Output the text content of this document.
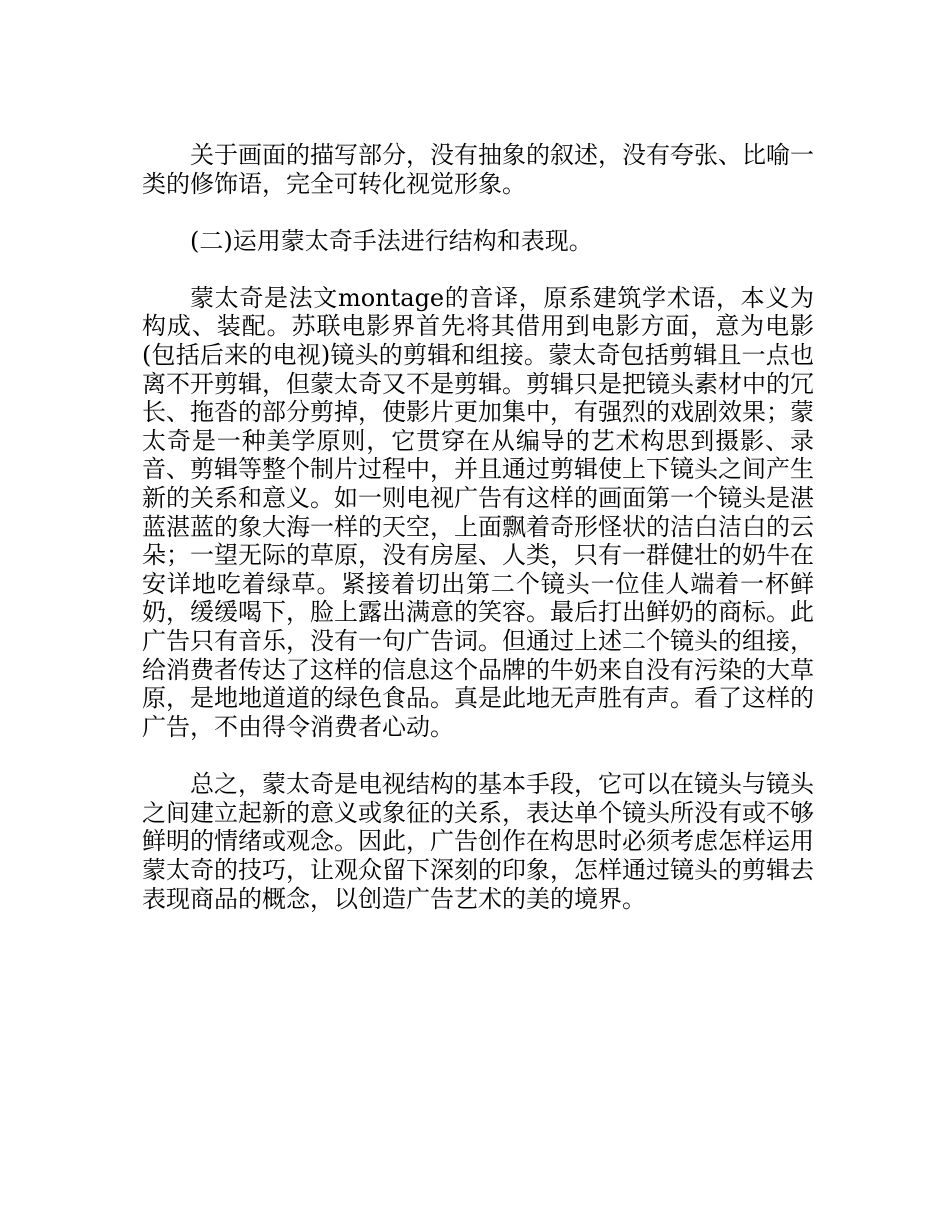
关于画面的描写部分，没有抽象的叙述，没有夸张、比喻一类的修饰语，完全可转化视觉形象。

(二)运用蒙太奇手法进行结构和表现。

蒙太奇是法文montage的音译，原系建筑学术语，本义为构成、装配。苏联电影界首先将其借用到电影方面，意为电影(包括后来的电视)镜头的剪辑和组接。蒙太奇包括剪辑且一点也离不开剪辑，但蒙太奇又不是剪辑。剪辑只是把镜头素材中的冗长、拖沓的部分剪掉，使影片更加集中，有强烈的戏剧效果；蒙太奇是一种美学原则，它贯穿在从编导的艺术构思到摄影、录音、剪辑等整个制片过程中，并且通过剪辑使上下镜头之间产生新的关系和意义。如一则电视广告有这样的画面第一个镜头是湛蓝湛蓝的象大海一样的天空，上面飘着奇形怪状的洁白洁白的云朵；一望无际的草原，没有房屋、人类，只有一群健壮的奶牛在安详地吃着绿草。紧接着切出第二个镜头一位佳人端着一杯鲜奶，缓缓喝下，脸上露出满意的笑容。最后打出鲜奶的商标。此广告只有音乐，没有一句广告词。但通过上述二个镜头的组接，给消费者传达了这样的信息这个品牌的牛奶来自没有污染的大草原，是地地道道的绿色食品。真是此地无声胜有声。看了这样的广告，不由得令消费者心动。

总之，蒙太奇是电视结构的基本手段，它可以在镜头与镜头之间建立起新的意义或象征的关系，表达单个镜头所没有或不够鲜明的情绪或观念。因此，广告创作在构思时必须考虑怎样运用蒙太奇的技巧，让观众留下深刻的印象，怎样通过镜头的剪辑去表现商品的概念，以创造广告艺术的美的境界。
